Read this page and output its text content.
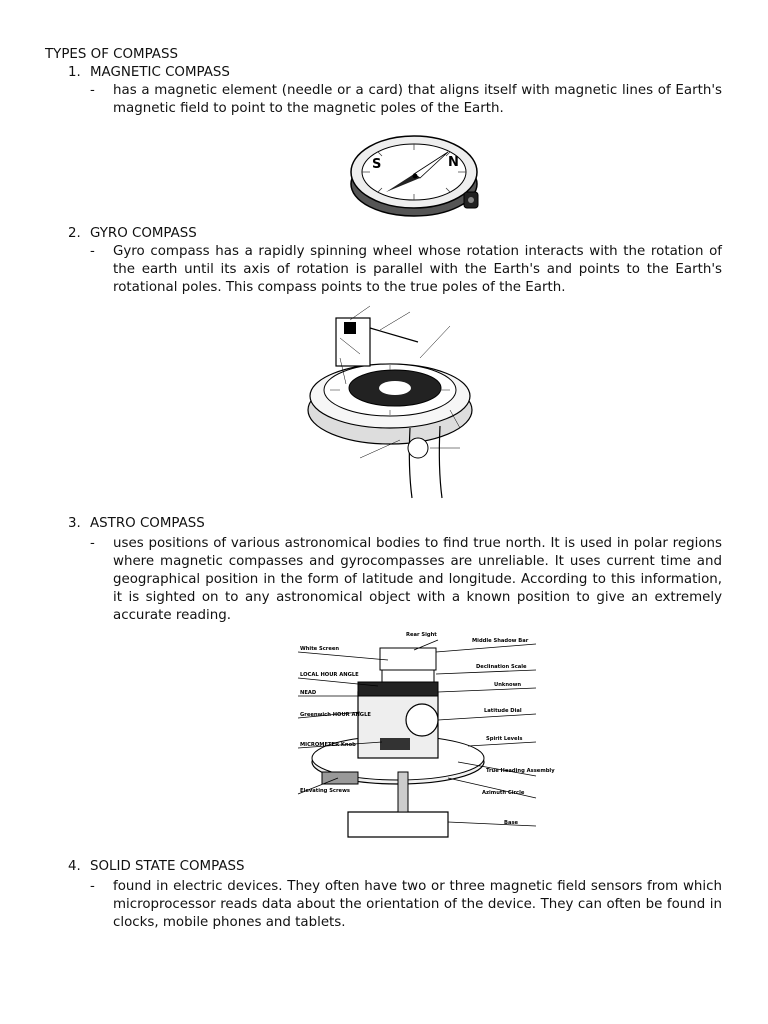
TYPES OF COMPASS
1. MAGNETIC COMPASS
- has a magnetic element (needle or a card) that aligns itself with magnetic lines of Earth's magnetic field to point to the magnetic poles of the Earth.
S	N
2. GYRO COMPASS
- Gyro compass has a rapidly spinning wheel whose rotation interacts with the rotation of the earth until its axis of rotation is parallel with the Earth's and points to the Earth's rotational poles. This compass points to the true poles of the Earth.
3. ASTRO COMPASS
- uses positions of various astronomical bodies to find true north. It is used in polar regions where magnetic compasses and gyrocompasses are unreliable. It uses current time and geographical position in the form of latitude and longitude. According to this information, it is sighted on to any astronomical object with a known position to give an extremely accurate reading.
White Screen
LOCAL HOUR ANGLE
NEAD
Greenwich HOUR ANGLE
MICROMETER Knob
Elevating Screws
Rear Sight
Middle Shadow Bar
Declination Scale
Unknown
Latitude Dial
Spirit Levels
True Heading Assembly
Azimuth Circle
Base
4. SOLID STATE COMPASS
- found in electric devices. They often have two or three magnetic field sensors from which microprocessor reads data about the orientation of the device. They can often be found in clocks, mobile phones and tablets.
